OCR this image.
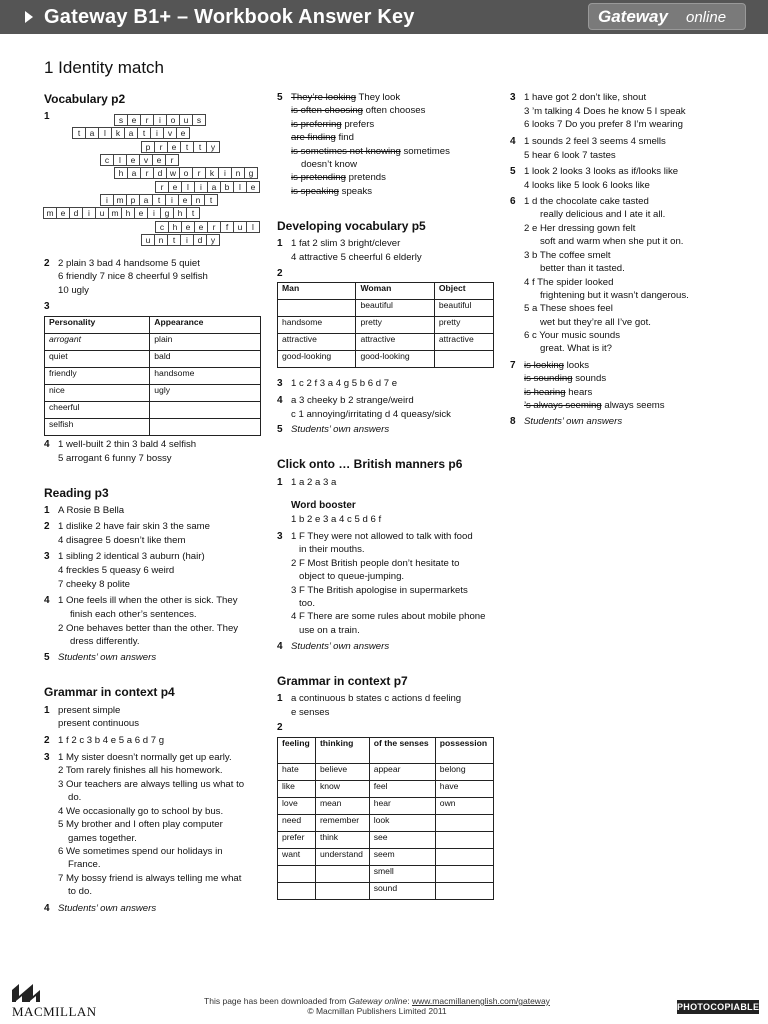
Gateway B1+ – Workbook Answer Key	Gateway online
1 Identity match
Vocabulary p2
1	s	e	r	i	o u	s
t	a	l	k	a	t	i	v	e
p	r	e	t	t	y
c	l	e	v	e	r
h a	r	d w o	r	k	i	n g
r	e	l	i	a b	l	e
i	m p a	t	i	e n	t
m e d	i	u m h e	i	g h	t
c	h e e	r	f	u	l
u n	t	i	d	y
2 2 plain 3 bad 4 handsome 5 quiet
6 friendly 7 nice 8 cheerful 9 selfish
10 ugly
3
Personality	Appearance
arrogant	plain
quiet	bald
friendly	handsome
nice	ugly
cheerful	
selfish	
4 1 well-built 2 thin 3 bald 4 selfish
5 arrogant 6 funny 7 bossy
Reading p3
1 A Rosie B Bella
2 1 dislike 2 have fair skin 3 the same
4 disagree 5 doesn’t like them
3 1 sibling 2 identical 3 auburn (hair)
4 freckles 5 queasy 6 weird
7 cheeky 8 polite
4 1 One feels ill when the other is sick. They
finish each other’s sentences.
2 One behaves better than the other. They
dress differently.
5 Students’ own answers
Grammar in context p4
1 present simple
present continuous
2 1 f 2 c 3 b 4 e 5 a 6 d 7 g
3 1 My sister doesn’t normally get up early.
2 Tom rarely finishes all his homework.
3 Our teachers are always telling us what to
do.
4 We occasionally go to school by bus.
5 My brother and I often play computer
games together.
6 We sometimes spend our holidays in
France.
7 My bossy friend is always telling me what
to do.
4 Students’ own answers
5 They’re looking They look
is often choosing often chooses
is preferring prefers
are finding find
is sometimes not knowing sometimes
doesn’t know
is pretending pretends
is speaking speaks
Developing vocabulary p5
1 1 fat 2 slim 3 bright/clever
4 attractive 5 cheerful 6 elderly
2
Man	Woman	Object
	beautiful	beautiful
handsome	pretty	pretty
attractive	attractive	attractive
good-looking	good-looking	
3 1 c 2 f 3 a 4 g 5 b 6 d 7 e
4 a 3 cheeky b 2 strange/weird
c 1 annoying/irritating d 4 queasy/sick
5 Students’ own answers
Click onto … British manners p6
1 1 a 2 a 3 a
Word booster
1 b 2 e 3 a 4 c 5 d 6 f
3 1 F They were not allowed to talk with food
in their mouths.
2 F Most British people don’t hesitate to
object to queue-jumping.
3 F The British apologise in supermarkets
too.
4 F There are some rules about mobile phone
use on a train.
4 Students’ own answers
Grammar in context p7
1 a continuous b states c actions d feeling
e senses
2
feeling	thinking	of the senses	possession
hate	believe	appear	belong
like	know	feel	have
love	mean	hear	own
need	remember	look	
prefer	think	see	
want	understand	seem	
		smell	
		sound	
3 1 have got 2 don’t like, shout
3 ’m talking 4 Does he know 5 I speak
6 looks 7 Do you prefer 8 I’m wearing
4 1 sounds 2 feel 3 seems 4 smells
5 hear 6 look 7 tastes
5 1 look 2 looks 3 looks as if/looks like
4 looks like 5 look 6 looks like
6 1 d the chocolate cake tasted
really delicious and I ate it all.
2 e Her dressing gown felt
soft and warm when she put it on.
3 b The coffee smelt
better than it tasted.
4 f The spider looked
frightening but it wasn’t dangerous.
5 a These shoes feel
wet but they’re all I’ve got.
6 c Your music sounds
great. What is it?
7 is looking looks
is sounding sounds
is hearing hears
’s always seeming always seems
8 Students’ own answers
MACMILLAN
This page has been downloaded from Gateway online: www.macmillanenglish.com/gateway
© Macmillan Publishers Limited 2011	PHOTOCOPIABLE
